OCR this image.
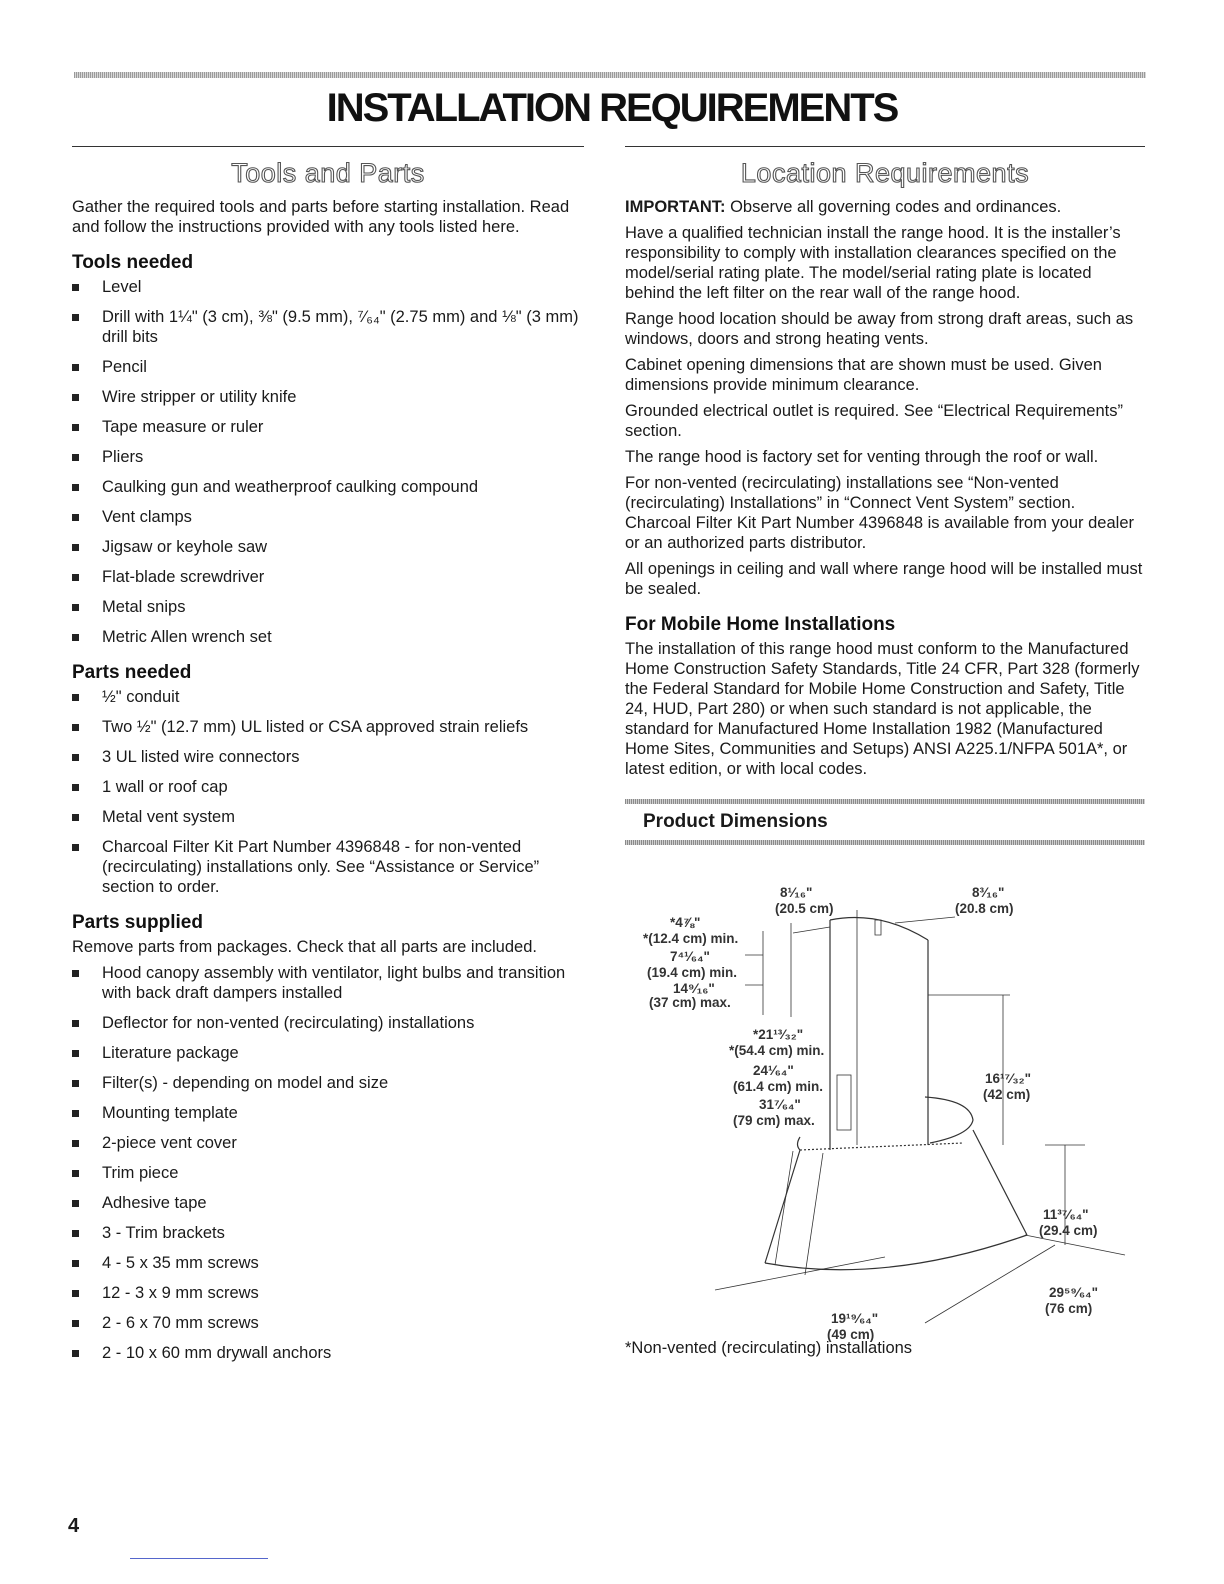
INSTALLATION REQUIREMENTS
Tools and Parts

Gather the required tools and parts before starting installation. Read and follow the instructions provided with any tools listed here.

Tools needed
Level
Drill with 1¼" (3 cm), ⅜" (9.5 mm), ⁷⁄₆₄" (2.75 mm) and ⅛" (3 mm) drill bits
Pencil
Wire stripper or utility knife
Tape measure or ruler
Pliers
Caulking gun and weatherproof caulking compound
Vent clamps
Jigsaw or keyhole saw
Flat-blade screwdriver
Metal snips
Metric Allen wrench set
Parts needed
½" conduit
Two ½" (12.7 mm) UL listed or CSA approved strain reliefs
3 UL listed wire connectors
1 wall or roof cap
Metal vent system
Charcoal Filter Kit Part Number 4396848 - for non-vented (recirculating) installations only. See “Assistance or Service” section to order.
Parts supplied

Remove parts from packages. Check that all parts are included.

Hood canopy assembly with ventilator, light bulbs and transition with back draft dampers installed
Deflector for non-vented (recirculating) installations
Literature package
Filter(s) - depending on model and size
Mounting template
2-piece vent cover
Trim piece
Adhesive tape
3 - Trim brackets
4 - 5 x 35 mm screws
12 - 3 x 9 mm screws
2 - 6 x 70 mm screws
2 - 10 x 60 mm drywall anchors
Location Requirements

IMPORTANT: Observe all governing codes and ordinances.

Have a qualified technician install the range hood. It is the installer’s responsibility to comply with installation clearances specified on the model/serial rating plate. The model/serial rating plate is located behind the left filter on the rear wall of the range hood.

Range hood location should be away from strong draft areas, such as windows, doors and strong heating vents.

Cabinet opening dimensions that are shown must be used. Given dimensions provide minimum clearance.

Grounded electrical outlet is required. See “Electrical Requirements” section.

The range hood is factory set for venting through the roof or wall.

For non-vented (recirculating) installations see “Non-vented (recirculating) Installations” in “Connect Vent System” section. Charcoal Filter Kit Part Number 4396848 is available from your dealer or an authorized parts distributor.

All openings in ceiling and wall where range hood will be installed must be sealed.

For Mobile Home Installations

The installation of this range hood must conform to the Manufactured Home Construction Safety Standards, Title 24 CFR, Part 328 (formerly the Federal Standard for Mobile Home Construction and Safety, Title 24, HUD, Part 280) or when such standard is not applicable, the standard for Manufactured Home Installation 1982 (Manufactured Home Sites, Communities and Setups) ANSI A225.1/NFPA 501A*, or latest edition, or with local codes.

Product Dimensions
8¹⁄₁₆"
(20.5 cm)
8³⁄₁₆"
(20.8 cm)
*4⅞"
*(12.4 cm) min.
7⁴¹⁄₆₄"
(19.4 cm) min.
14⁹⁄₁₆"
(37 cm) max.
*21¹³⁄₃₂"
*(54.4 cm) min.
24¹⁄₆₄"
(61.4 cm) min.
31⁷⁄₆₄"
(79 cm) max.
16¹⁷⁄₃₂"
(42 cm)
11³⁷⁄₆₄"
(29.4 cm)
29⁵⁹⁄₆₄"
(76 cm)
19¹⁹⁄₆₄"
(49 cm)

*Non-vented (recirculating) installations

4
